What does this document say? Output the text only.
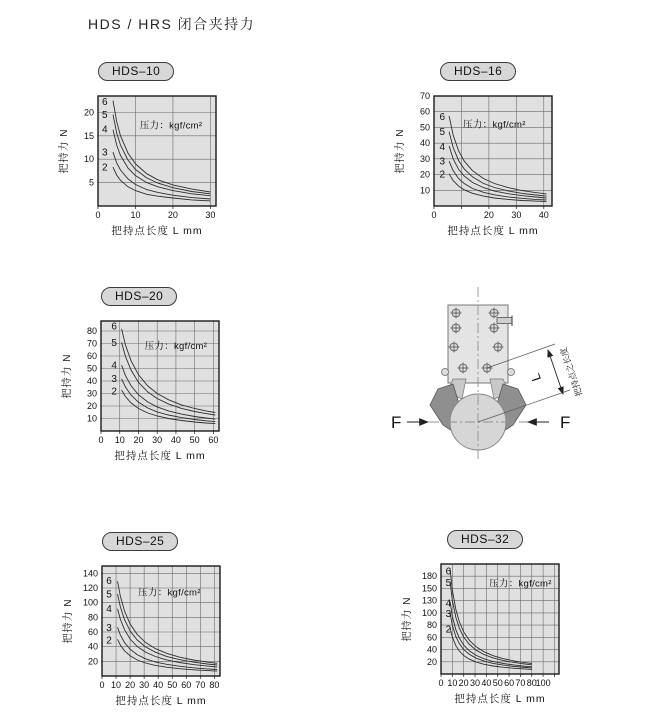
HDS / HRS 闭合夹持力
HDS–10
6
5
4
3
2
压力：kgf/cm²
5
10
15
20
0	10	20	30
把持点长度 L mm
把持力 N
HDS–16
6
5
4
3
2
压力：kgf/cm²
10
20
30
40
50
60
70
0	20 30 40
把持点长度 L mm
把持力 N
HDS–20
6
5
4
3
2
压力：kgf/cm²
10
20
30
40
50
60
70
80
0 10 20 30 40 50 60
把持点长度 L mm
把持力 N
HDS–25
6
5
4
3
2
压力：kgf/cm²
20
40
60
80
100
120
140
0 10 20 30 40 50 60 70 80
把持点长度 L mm
把持力 N
HDS–32
6
5
4
3
2
压力：kgf/cm²
20
40
60
80
100
130
150
180
0 10 20 30 40 50 60 70 80
100
把持点长度 L mm
把持力 N
F	F
L 把持点之长度
